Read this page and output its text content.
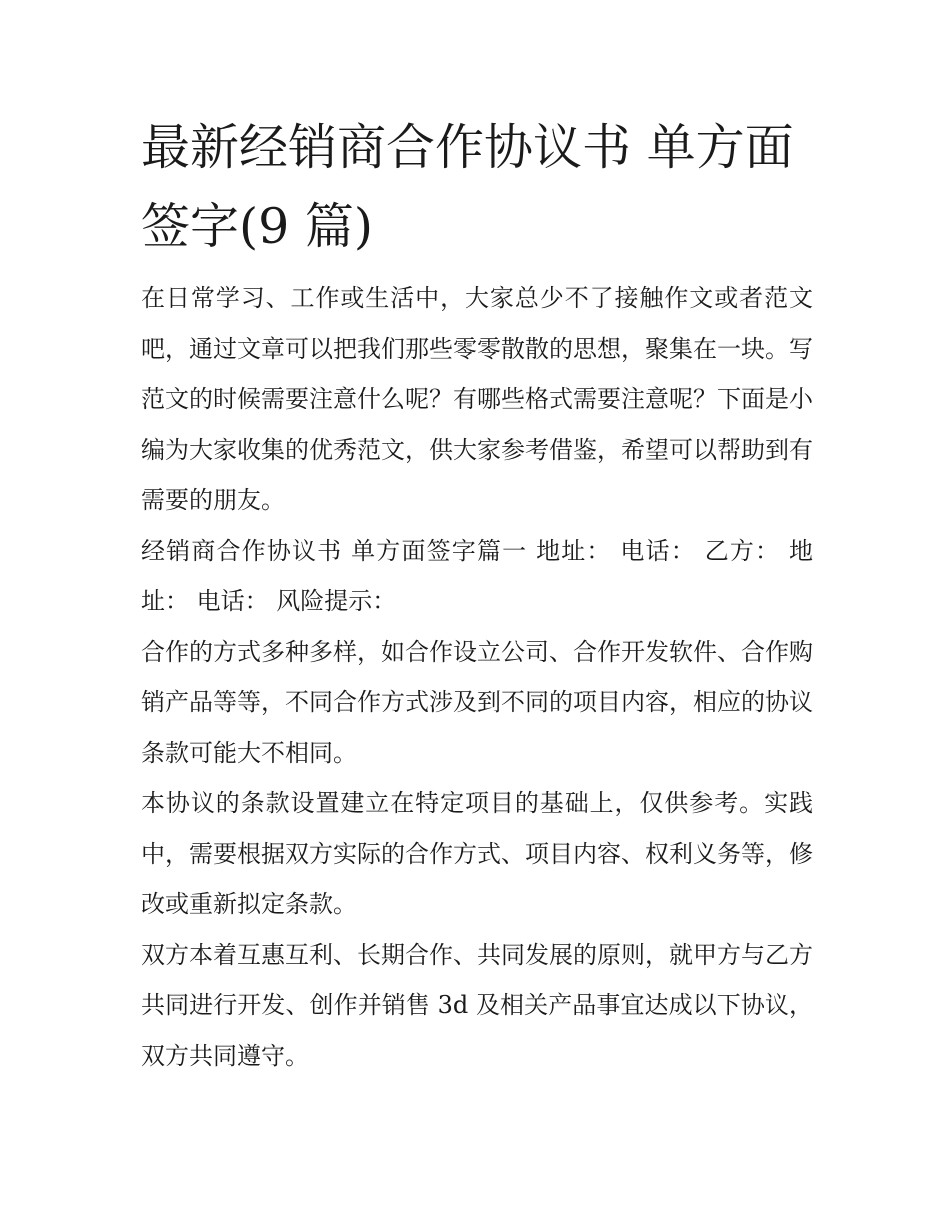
最新经销商合作协议书 单方面签字(9 篇)

在日常学习、工作或生活中，大家总少不了接触作文或者范文吧，通过文章可以把我们那些零零散散的思想，聚集在一块。写范文的时候需要注意什么呢？有哪些格式需要注意呢？下面是小编为大家收集的优秀范文，供大家参考借鉴，希望可以帮助到有需要的朋友。

经销商合作协议书 单方面签字篇一 地址： 电话： 乙方： 地址： 电话： 风险提示：

合作的方式多种多样，如合作设立公司、合作开发软件、合作购销产品等等，不同合作方式涉及到不同的项目内容，相应的协议条款可能大不相同。

本协议的条款设置建立在特定项目的基础上，仅供参考。实践中，需要根据双方实际的合作方式、项目内容、权利义务等，修改或重新拟定条款。

双方本着互惠互利、长期合作、共同发展的原则，就甲方与乙方共同进行开发、创作并销售 3d 及相关产品事宜达成以下协议，双方共同遵守。
